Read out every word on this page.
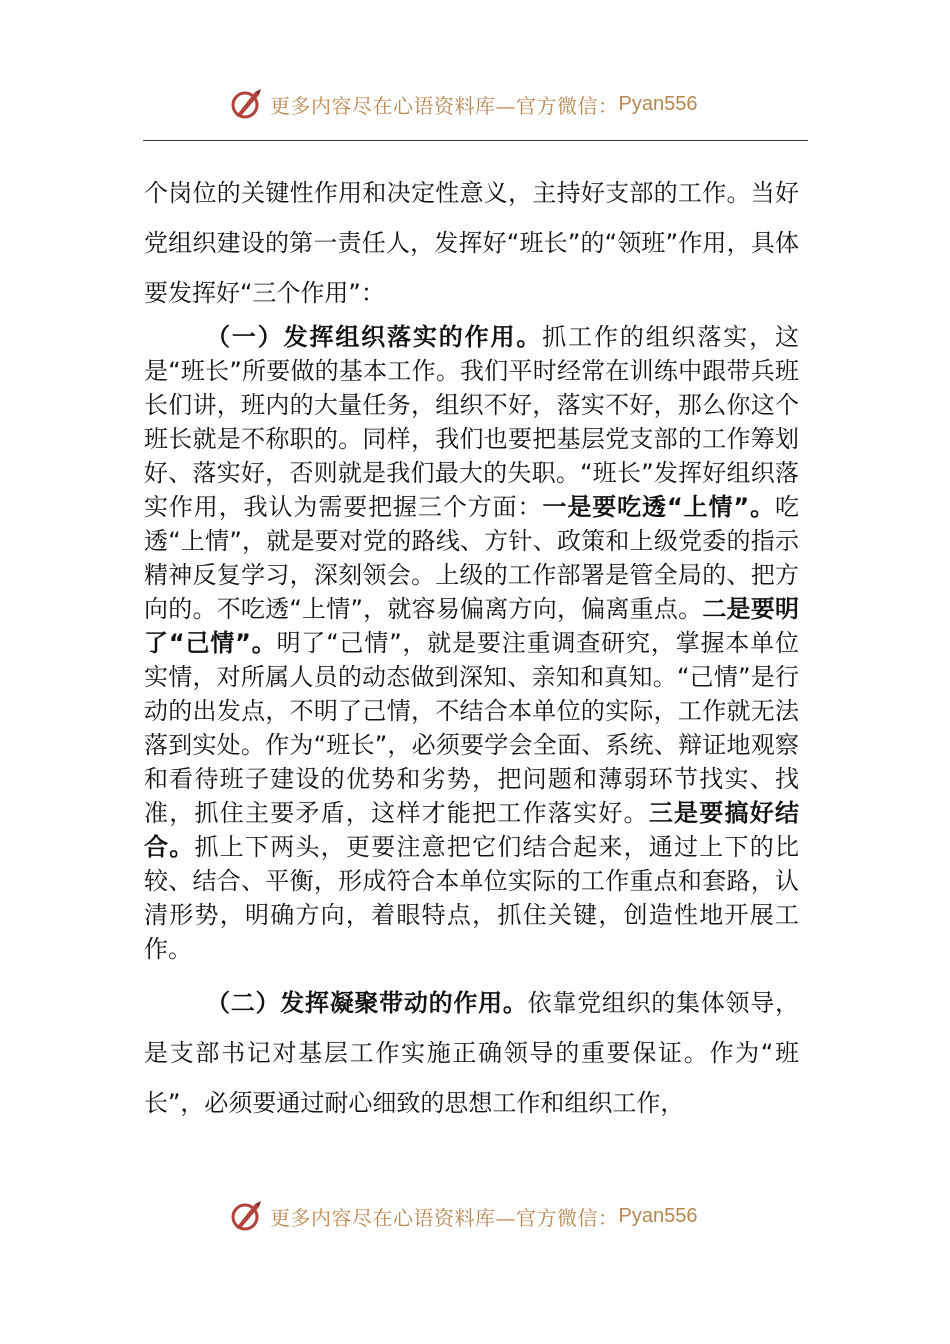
更多内容尽在心语资料库—官方微信： Pyan556

个岗位的关键性作用和决定性意义，主持好支部的工作。当好党组织建设的第一责任人，发挥好“班长”的“领班”作用，具体要发挥好“三个作用”：

（一）发挥组织落实的作用。抓工作的组织落实，这是“班长”所要做的基本工作。我们平时经常在训练中跟带兵班长们讲，班内的大量任务，组织不好，落实不好，那么你这个班长就是不称职的。同样，我们也要把基层党支部的工作筹划好、落实好，否则就是我们最大的失职。“班长”发挥好组织落实作用，我认为需要把握三个方面：一是要吃透“上情”。吃透“上情”，就是要对党的路线、方针、政策和上级党委的指示精神反复学习，深刻领会。上级的工作部署是管全局的、把方向的。不吃透“上情”，就容易偏离方向，偏离重点。二是要明了“己情”。明了“己情”，就是要注重调查研究，掌握本单位实情，对所属人员的动态做到深知、亲知和真知。“己情”是行动的出发点，不明了己情，不结合本单位的实际，工作就无法落到实处。作为“班长”，必须要学会全面、系统、辩证地观察和看待班子建设的优势和劣势，把问题和薄弱环节找实、找准，抓住主要矛盾，这样才能把工作落实好。三是要搞好结合。抓上下两头，更要注意把它们结合起来，通过上下的比较、结合、平衡，形成符合本单位实际的工作重点和套路，认清形势，明确方向，着眼特点，抓住关键，创造性地开展工作。

（二）发挥凝聚带动的作用。依靠党组织的集体领导，是支部书记对基层工作实施正确领导的重要保证。作为“班长”，必须要通过耐心细致的思想工作和组织工作，

更多内容尽在心语资料库—官方微信： Pyan556
